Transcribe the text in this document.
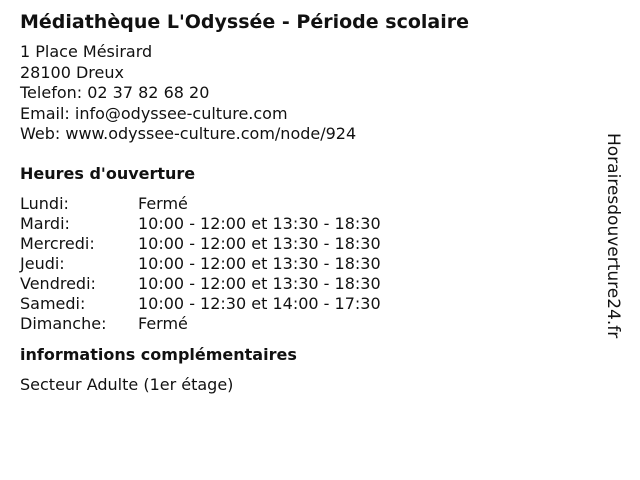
Médiathèque L'Odyssée - Période scolaire
1 Place Mésirard
28100 Dreux
Telefon: 02 37 82 68 20
Email: info@odyssee-culture.com
Web: www.odyssee-culture.com/node/924
Heures d'ouverture
Lundi:	Fermé
Mardi:	10:00 - 12:00 et 13:30 - 18:30
Mercredi:	10:00 - 12:00 et 13:30 - 18:30
Jeudi:	10:00 - 12:00 et 13:30 - 18:30
Vendredi:	10:00 - 12:00 et 13:30 - 18:30
Samedi:	10:00 - 12:30 et 14:00 - 17:30
Dimanche:	Fermé
informations complémentaires
Secteur Adulte (1er étage)
Horairesdouverture24.fr
